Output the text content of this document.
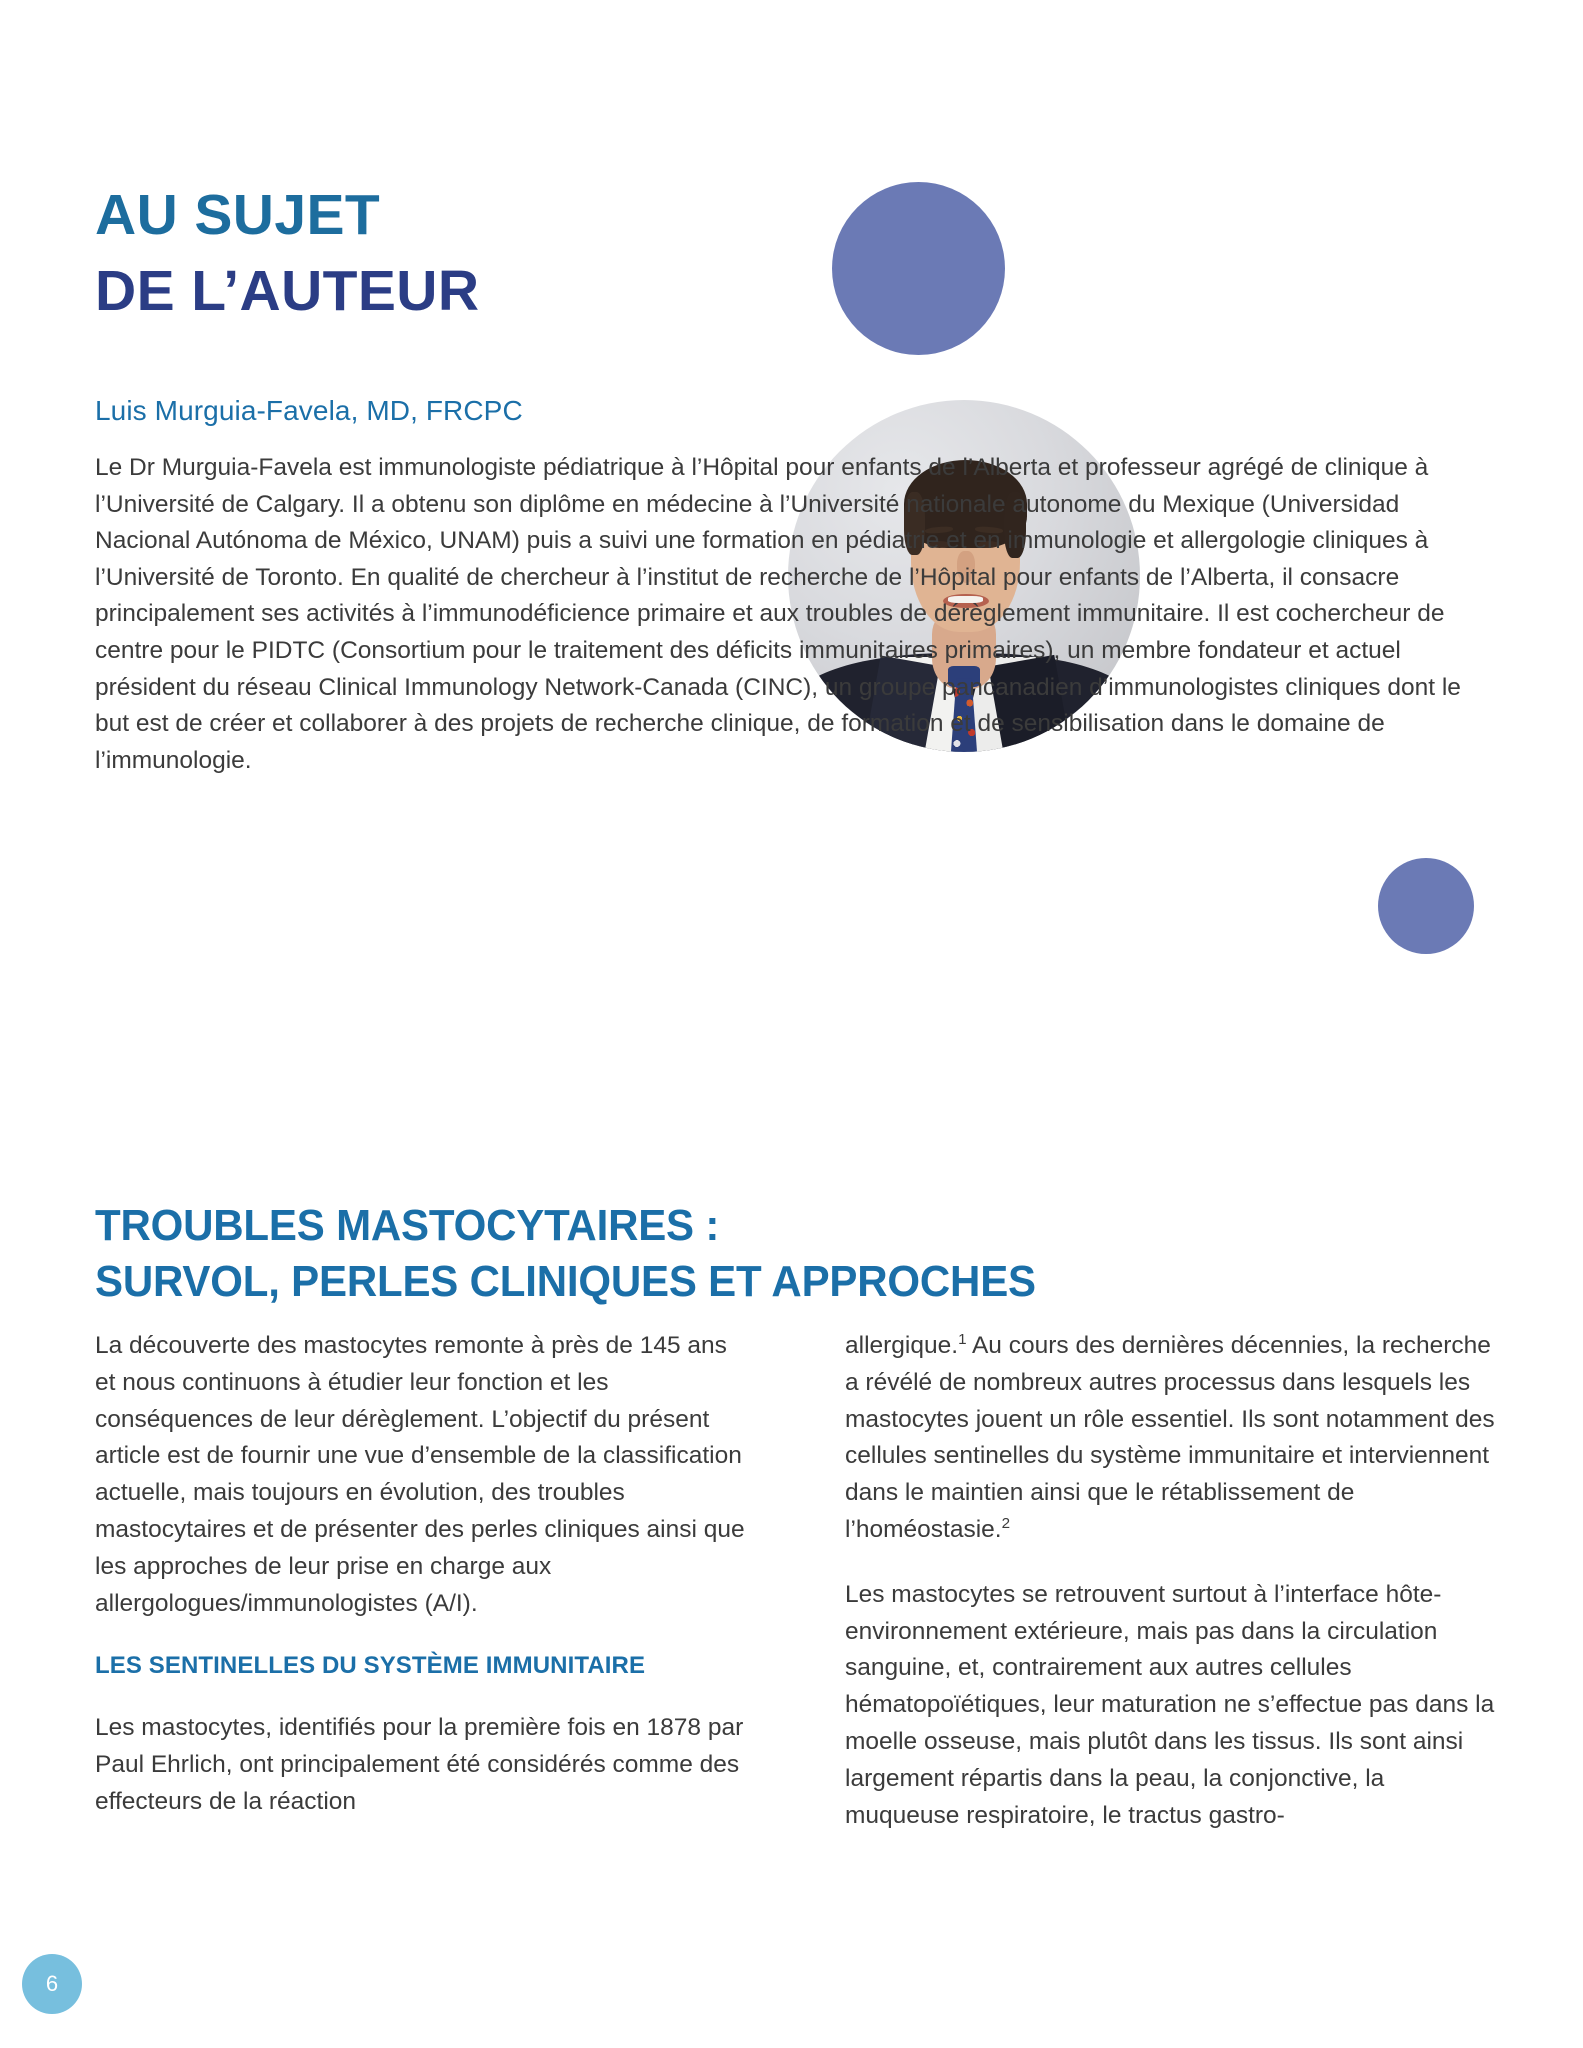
AU SUJET
DE L’AUTEUR
Luis Murguia-Favela, MD, FRCPC
Le Dr Murguia-Favela est immunologiste pédiatrique à l’Hôpital pour enfants de l’Alberta et professeur agrégé de clinique à l’Université de Calgary. Il a obtenu son diplôme en médecine à l’Université nationale autonome du Mexique (Universidad Nacional Autónoma de México, UNAM) puis a suivi une formation en pédiatrie et en immunologie et allergologie cliniques à l’Université de Toronto. En qualité de chercheur à l’institut de recherche de l’Hôpital pour enfants de l’Alberta, il consacre principalement ses activités à l’immunodéficience primaire et aux troubles de dérèglement immunitaire. Il est cochercheur de centre pour le PIDTC (Consortium pour le traitement des déficits immunitaires primaires), un membre fondateur et actuel président du réseau Clinical Immunology Network-Canada (CINC), un groupe pancanadien d’immunologistes cliniques dont le but est de créer et collaborer à des projets de recherche clinique, de formation et de sensibilisation dans le domaine de l’immunologie.
TROUBLES MASTOCYTAIRES :
SURVOL, PERLES CLINIQUES ET APPROCHES

La découverte des mastocytes remonte à près de 145 ans et nous continuons à étudier leur fonction et les conséquences de leur dérèglement. L’objectif du présent article est de fournir une vue d’ensemble de la classification actuelle, mais toujours en évolution, des troubles mastocytaires et de présenter des perles cliniques ainsi que les approches de leur prise en charge aux allergologues/immunologistes (A/I).

LES SENTINELLES DU SYSTÈME IMMUNITAIRE

Les mastocytes, identifiés pour la première fois en 1878 par Paul Ehrlich, ont principalement été considérés comme des effecteurs de la réaction

allergique.$^1$ Au cours des dernières décennies, la recherche a révélé de nombreux autres processus dans lesquels les mastocytes jouent un rôle essentiel. Ils sont notamment des cellules sentinelles du système immunitaire et interviennent dans le maintien ainsi que le rétablissement de l’homéostasie.$^2$

Les mastocytes se retrouvent surtout à l’interface hôte-environnement extérieure, mais pas dans la circulation sanguine, et, contrairement aux autres cellules hématopoïétiques, leur maturation ne s’effectue pas dans la moelle osseuse, mais plutôt dans les tissus. Ils sont ainsi largement répartis dans la peau, la conjonctive, la muqueuse respiratoire, le tractus gastro-

6
